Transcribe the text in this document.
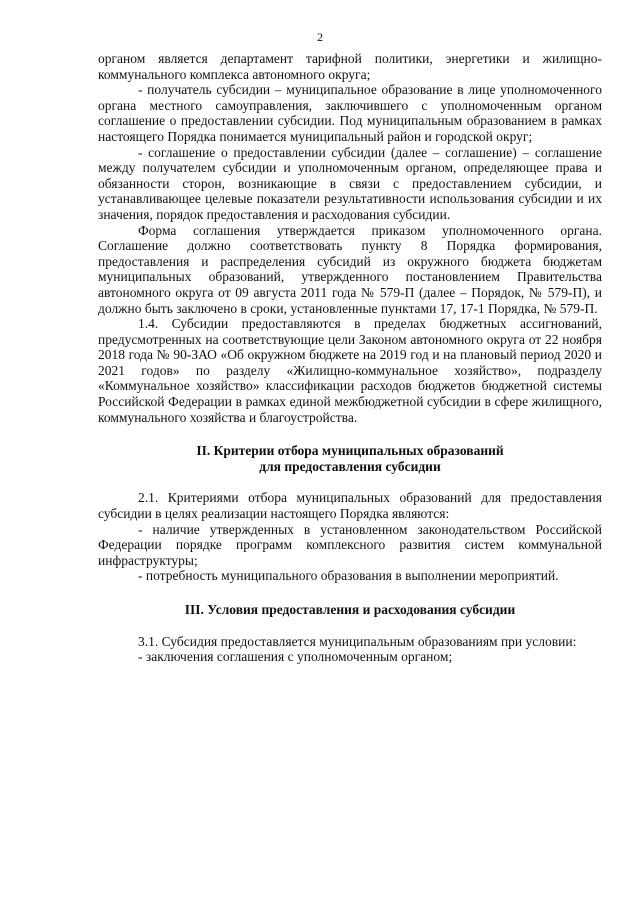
2

органом является департамент тарифной политики, энергетики и жилищно-коммунального комплекса автономного округа;

- получатель субсидии – муниципальное образование в лице уполномоченного органа местного самоуправления, заключившего с уполномоченным органом соглашение о предоставлении субсидии. Под муниципальным образованием в рамках настоящего Порядка понимается муниципальный район и городской округ;

- соглашение о предоставлении субсидии (далее – соглашение) – соглашение между получателем субсидии и уполномоченным органом, определяющее права и обязанности сторон, возникающие в связи с предоставлением субсидии, и устанавливающее целевые показатели результативности использования субсидии и их значения, порядок предоставления и расходования субсидии.

Форма соглашения утверждается приказом уполномоченного органа. Соглашение должно соответствовать пункту 8 Порядка формирования, предоставления и распределения субсидий из окружного бюджета бюджетам муниципальных образований, утвержденного постановлением Правительства автономного округа от 09 августа 2011 года № 579-П (далее – Порядок, № 579-П), и должно быть заключено в сроки, установленные пунктами 17, 17-1 Порядка, № 579-П.

1.4. Субсидии предоставляются в пределах бюджетных ассигнований, предусмотренных на соответствующие цели Законом автономного округа от 22 ноября 2018 года № 90-ЗАО «Об окружном бюджете на 2019 год и на плановый период 2020 и 2021 годов» по разделу «Жилищно-коммунальное хозяйство», подразделу «Коммунальное хозяйство» классификации расходов бюджетов бюджетной системы Российской Федерации в рамках единой межбюджетной субсидии в сфере жилищного, коммунального хозяйства и благоустройства.

II. Критерии отбора муниципальных образований
для предоставления субсидии

2.1. Критериями отбора муниципальных образований для предоставления субсидии в целях реализации настоящего Порядка являются:

- наличие утвержденных в установленном законодательством Российской Федерации порядке программ комплексного развития систем коммунальной инфраструктуры;

- потребность муниципального образования в выполнении мероприятий.

III. Условия предоставления и расходования субсидии

3.1. Субсидия предоставляется муниципальным образованиям при условии:

- заключения соглашения с уполномоченным органом;
